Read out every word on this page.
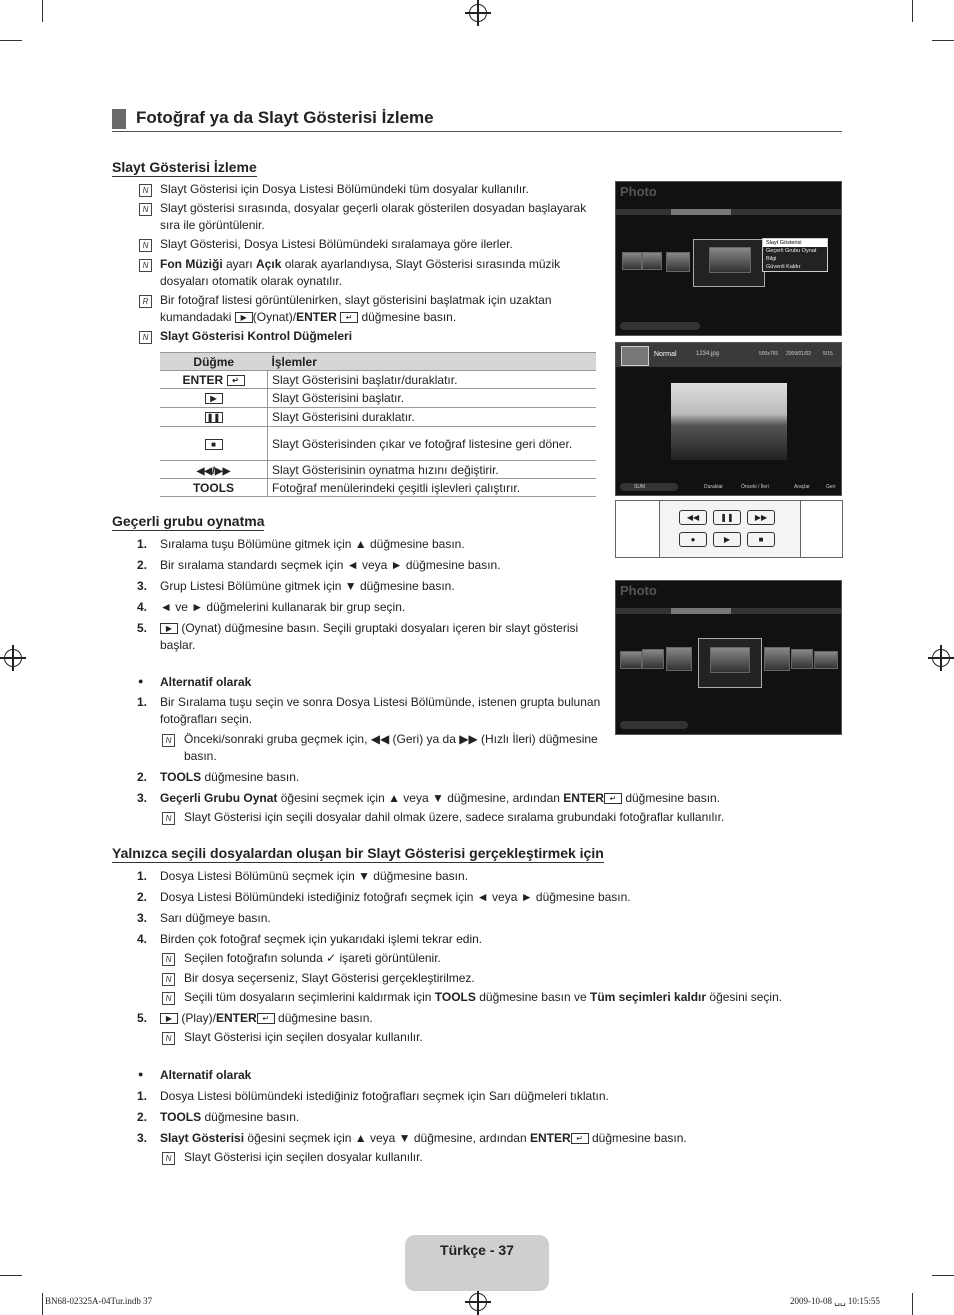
Fotoğraf ya da Slayt Gösterisi İzleme
Slayt Gösterisi İzleme
N Slayt Gösterisi için Dosya Listesi Bölümündeki tüm dosyalar kullanılır.
N Slayt gösterisi sırasında, dosyalar geçerli olarak gösterilen dosyadan başlayarak sıra ile görüntülenir.
N Slayt Gösterisi, Dosya Listesi Bölümündeki sıralamaya göre ilerler.
N Fon Müziği ayarı Açık olarak ayarlandıysa, Slayt Gösterisi sırasında müzik dosyaları otomatik olarak oynatılır.
R Bir fotoğraf listesi görüntülenirken, slayt gösterisini başlatmak için uzaktan kumandadaki ▶ (Oynat)/ENTER ↵ düğmesine basın.
N Slayt Gösterisi Kontrol Düğmeleri
Düğme	İşlemler
ENTER ↵	Slayt Gösterisini başlatır/duraklatır.
▶	Slayt Gösterisini başlatır.
❚❚	Slayt Gösterisini duraklatır.
■	Slayt Gösterisinden çıkar ve fotoğraf listesine geri döner.
◀◀/▶▶	Slayt Gösterisinin oynatma hızını değiştirir.
TOOLS	Fotoğraf menülerindeki çeşitli işlevleri çalıştırır.
Photo
Slayt Gösterisi
Geçerli Grubu Oynat
Bilgi
Güvenli Kaldır
Normal	1234.jpg	500x765 2009/01/02 5/15
SUM	Duraklat	Önceki / İleri	Araçlar	Geri
◀◀	❚❚	▶▶
●	▶	■
Photo
Geçerli grubu oynatma
1. Sıralama tuşu Bölümüne gitmek için ▲ düğmesine basın.
2. Bir sıralama standardı seçmek için ◄ veya ► düğmesine basın.
3. Grup Listesi Bölümüne gitmek için ▼ düğmesine basın.
4. ◄ ve ► düğmelerini kullanarak bir grup seçin.
5.	▶ (Oynat) düğmesine basın. Seçili gruptaki dosyaları içeren bir slayt gösterisi başlar.
● Alternatif olarak
1. Bir Sıralama tuşu seçin ve sonra Dosya Listesi Bölümünde, istenen grupta bulunan fotoğrafları seçin.
N	Önceki/sonraki gruba geçmek için, ◀◀ (Geri) ya da ▶▶ (Hızlı İleri) düğmesine basın.
2. TOOLS düğmesine basın.
3. Geçerli Grubu Oynat öğesini seçmek için ▲ veya ▼ düğmesine, ardından ENTER ↵ düğmesine basın.
N	Slayt Gösterisi için seçili dosyalar dahil olmak üzere, sadece sıralama grubundaki fotoğraflar kullanılır.
Yalnızca seçili dosyalardan oluşan bir Slayt Gösterisi gerçekleştirmek için
1. Dosya Listesi Bölümünü seçmek için ▼ düğmesine basın.
2. Dosya Listesi Bölümündeki istediğiniz fotoğrafı seçmek için ◄ veya ► düğmesine basın.
3. Sarı düğmeye basın.
4. Birden çok fotoğraf seçmek için yukarıdaki işlemi tekrar edin.
N	Seçilen fotoğrafın solunda ✓ işareti görüntülenir.
N	Bir dosya seçerseniz, Slayt Gösterisi gerçekleştirilmez.
N	Seçili tüm dosyaların seçimlerini kaldırmak için TOOLS düğmesine basın ve Tüm seçimleri kaldır öğesini seçin.
5.	▶ (Play)/ENTER ↵ düğmesine basın.
N	Slayt Gösterisi için seçilen dosyalar kullanılır.
● Alternatif olarak
1. Dosya Listesi bölümündeki istediğiniz fotoğrafları seçmek için Sarı düğmeleri tıklatın.
2. TOOLS düğmesine basın.
3. Slayt Gösterisi öğesini seçmek için ▲ veya ▼ düğmesine, ardından ENTER ↵ düğmesine basın.
N	Slayt Gösterisi için seçilen dosyalar kullanılır.
Türkçe - 37
BN68-02325A-04Tur.indb 37	2009-10-08 ␣␣ 10:15:55
